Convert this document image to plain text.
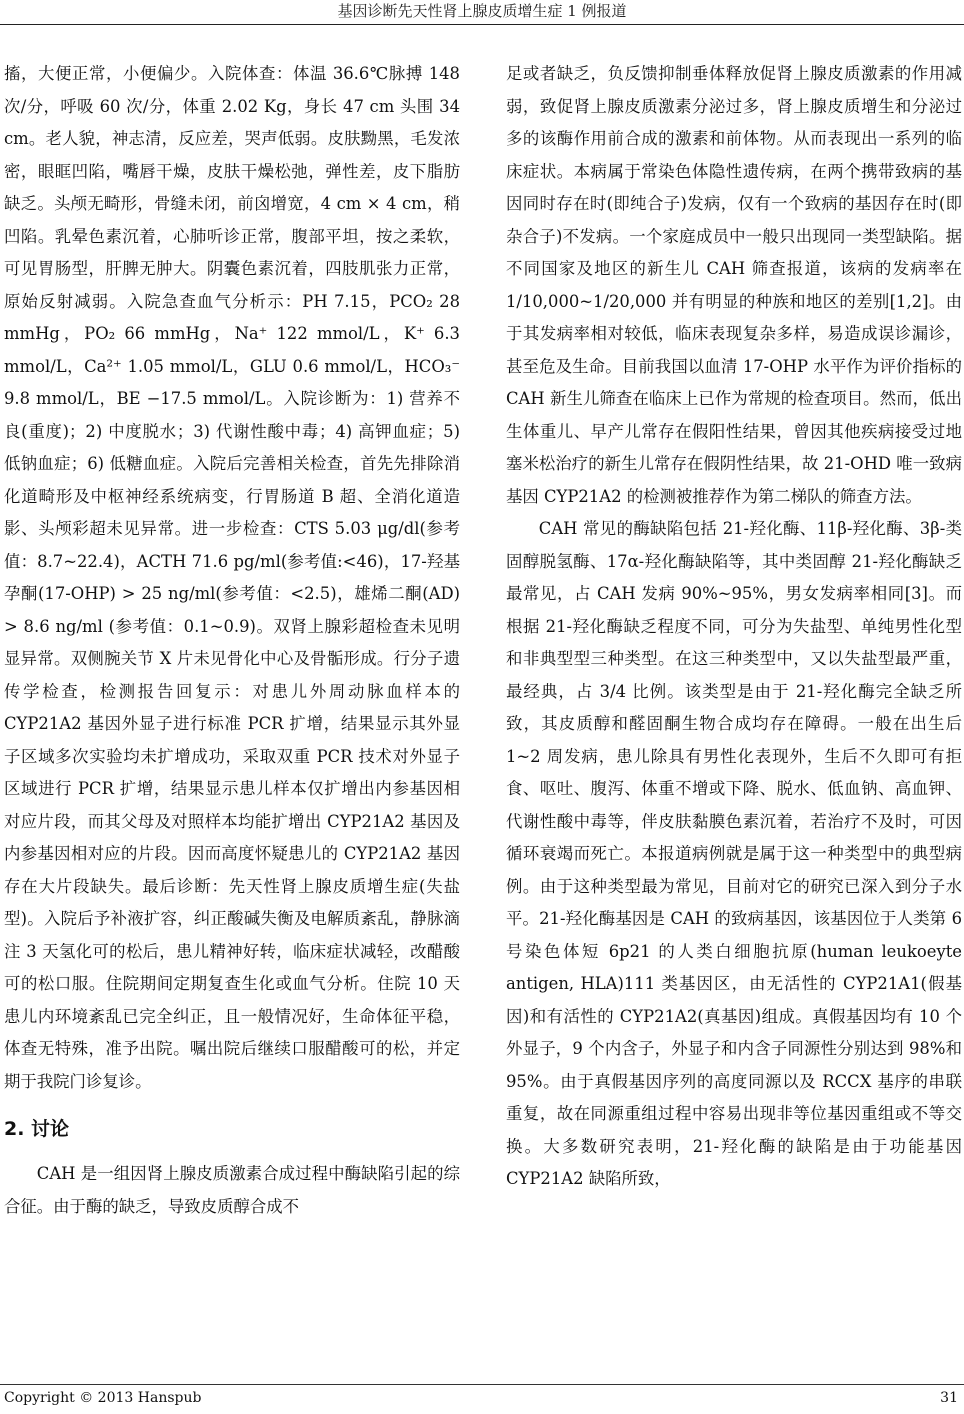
基因诊断先天性肾上腺皮质增生症 1 例报道

搐，大便正常，小便偏少。入院体查：体温 36.6℃脉搏 148 次/分，呼吸 60 次/分，体重 2.02 Kg，身长 47 cm 头围 34 cm。老人貌，神志清，反应差，哭声低弱。皮肤黝黑，毛发浓密，眼眶凹陷，嘴唇干燥，皮肤干燥松弛，弹性差，皮下脂肪缺乏。头颅无畸形，骨缝未闭，前囟增宽，4 cm × 4 cm，稍凹陷。乳晕色素沉着，心肺听诊正常，腹部平坦，按之柔软，可见胃肠型，肝脾无肿大。阴囊色素沉着，四肢肌张力正常，原始反射减弱。入院急查血气分析示：PH 7.15，PCO₂ 28 mmHg，PO₂ 66 mmHg，Na⁺ 122 mmol/L，K⁺ 6.3 mmol/L，Ca²⁺ 1.05 mmol/L，GLU 0.6 mmol/L，HCO₃⁻ 9.8 mmol/L，BE −17.5 mmol/L。入院诊断为：1) 营养不良(重度)；2) 中度脱水；3) 代谢性酸中毒；4) 高钾血症；5) 低钠血症；6) 低糖血症。入院后完善相关检查，首先先排除消化道畸形及中枢神经系统病变，行胃肠道 B 超、全消化道造影、头颅彩超未见异常。进一步检查：CTS 5.03 μg/dl(参考值：8.7~22.4)，ACTH 71.6 pg/ml(参考值:<46)，17-羟基孕酮(17-OHP) > 25 ng/ml(参考值：<2.5)，雄烯二酮(AD) > 8.6 ng/ml (参考值：0.1~0.9)。双肾上腺彩超检查未见明显异常。双侧腕关节 X 片未见骨化中心及骨骺形成。行分子遗传学检查，检测报告回复示：对患儿外周动脉血样本的 CYP21A2 基因外显子进行标准 PCR 扩增，结果显示其外显子区域多次实验均未扩增成功，采取双重 PCR 技术对外显子区域进行 PCR 扩增，结果显示患儿样本仅扩增出内参基因相对应片段，而其父母及对照样本均能扩增出 CYP21A2 基因及内参基因相对应的片段。因而高度怀疑患儿的 CYP21A2 基因存在大片段缺失。最后诊断：先天性肾上腺皮质增生症(失盐型)。入院后予补液扩容，纠正酸碱失衡及电解质紊乱，静脉滴注 3 天氢化可的松后，患儿精神好转，临床症状减轻，改醋酸可的松口服。住院期间定期复查生化或血气分析。住院 10 天患儿内环境紊乱已完全纠正，且一般情况好，生命体征平稳，体查无特殊，准予出院。嘱出院后继续口服醋酸可的松，并定期于我院门诊复诊。

2. 讨论

CAH 是一组因肾上腺皮质激素合成过程中酶缺陷引起的综合征。由于酶的缺乏，导致皮质醇合成不

足或者缺乏，负反馈抑制垂体释放促肾上腺皮质激素的作用减弱，致促肾上腺皮质激素分泌过多，肾上腺皮质增生和分泌过多的该酶作用前合成的激素和前体物。从而表现出一系列的临床症状。本病属于常染色体隐性遗传病，在两个携带致病的基因同时存在时(即纯合子)发病，仅有一个致病的基因存在时(即杂合子)不发病。一个家庭成员中一般只出现同一类型缺陷。据不同国家及地区的新生儿 CAH 筛查报道，该病的发病率在 1/10,000~1/20,000 并有明显的种族和地区的差别[1,2]。由于其发病率相对较低，临床表现复杂多样，易造成误诊漏诊，甚至危及生命。目前我国以血清 17-OHP 水平作为评价指标的 CAH 新生儿筛查在临床上已作为常规的检查项目。然而，低出生体重儿、早产儿常存在假阳性结果，曾因其他疾病接受过地塞米松治疗的新生儿常存在假阴性结果，故 21-OHD 唯一致病基因 CYP21A2 的检测被推荐作为第二梯队的筛查方法。

CAH 常见的酶缺陷包括 21-羟化酶、11β-羟化酶、3β-类固醇脱氢酶、17α-羟化酶缺陷等，其中类固醇 21-羟化酶缺乏最常见，占 CAH 发病 90%~95%，男女发病率相同[3]。而根据 21-羟化酶缺乏程度不同，可分为失盐型、单纯男性化型和非典型型三种类型。在这三种类型中，又以失盐型最严重，最经典，占 3/4 比例。该类型是由于 21-羟化酶完全缺乏所致，其皮质醇和醛固酮生物合成均存在障碍。一般在出生后 1~2 周发病，患儿除具有男性化表现外，生后不久即可有拒食、呕吐、腹泻、体重不增或下降、脱水、低血钠、高血钾、代谢性酸中毒等，伴皮肤黏膜色素沉着，若治疗不及时，可因循环衰竭而死亡。本报道病例就是属于这一种类型中的典型病例。由于这种类型最为常见，目前对它的研究已深入到分子水平。21-羟化酶基因是 CAH 的致病基因，该基因位于人类第 6 号染色体短 6p21 的人类白细胞抗原(human leukoeyte antigen, HLA)111 类基因区，由无活性的 CYP21A1(假基因)和有活性的 CYP21A2(真基因)组成。真假基因均有 10 个外显子，9 个内含子，外显子和内含子同源性分别达到 98%和 95%。由于真假基因序列的高度同源以及 RCCX 基序的串联重复，故在同源重组过程中容易出现非等位基因重组或不等交换。大多数研究表明，21-羟化酶的缺陷是由于功能基因 CYP21A2 缺陷所致，

Copyright © 2013 Hanspub	31
